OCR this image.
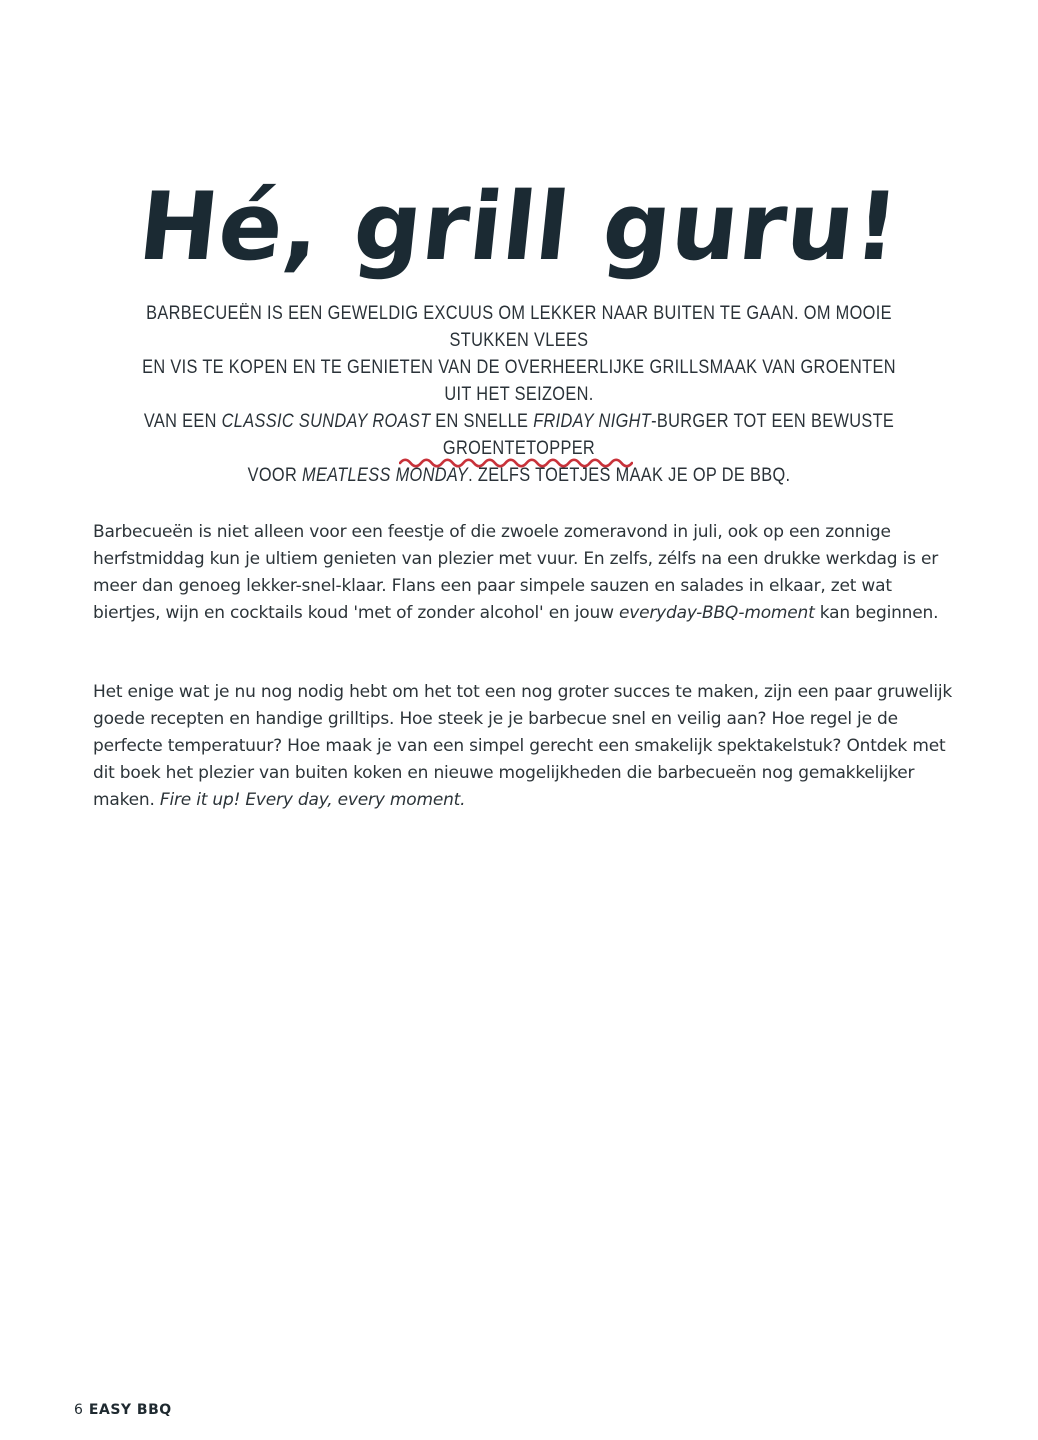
Hé, grill guru!
BARBECUEËN IS EEN GEWELDIG EXCUUS OM LEKKER NAAR BUITEN TE GAAN. OM MOOIE STUKKEN VLEES
EN VIS TE KOPEN EN TE GENIETEN VAN DE OVERHEERLIJKE GRILLSMAAK VAN GROENTEN UIT HET SEIZOEN.
VAN EEN CLASSIC SUNDAY ROAST EN SNELLE FRIDAY NIGHT-BURGER TOT EEN BEWUSTE GROENTETOPPER
VOOR MEATLESS MONDAY. ZELFS TOETJES MAAK JE OP DE BBQ.
Barbecueën is niet alleen voor een feestje of die zwoele zomeravond in juli, ook op een zonnige herfstmiddag kun je ultiem genieten van plezier met vuur. En zelfs, zélfs na een drukke werkdag is er meer dan genoeg lekker-snel-klaar. Flans een paar simpele sauzen en salades in elkaar, zet wat biertjes, wijn en cocktails koud 'met of zonder alcohol' en jouw everyday-BBQ-moment kan beginnen.
Het enige wat je nu nog nodig hebt om het tot een nog groter succes te maken, zijn een paar gruwelijk goede recepten en handige grilltips. Hoe steek je je barbecue snel en veilig aan? Hoe regel je de perfecte temperatuur? Hoe maak je van een simpel gerecht een smakelijk spektakelstuk? Ontdek met dit boek het plezier van buiten koken en nieuwe mogelijkheden die barbecueën nog gemakkelijker maken. Fire it up! Every day, every moment.
6 EASY BBQ
